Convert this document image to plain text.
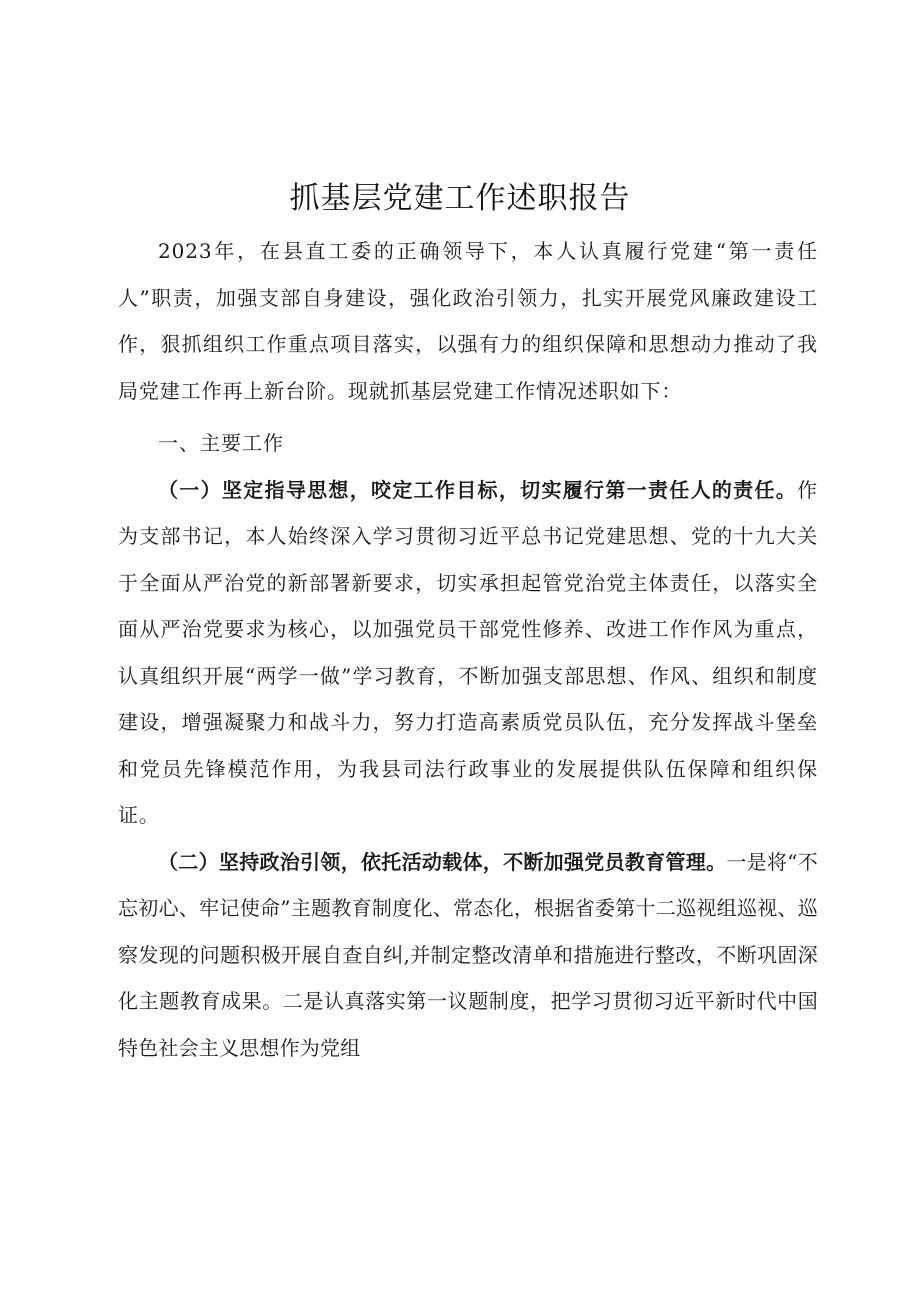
抓基层党建工作述职报告

2023年，在县直工委的正确领导下，本人认真履行党建“第一责任人”职责，加强支部自身建设，强化政治引领力，扎实开展党风廉政建设工作，狠抓组织工作重点项目落实，以强有力的组织保障和思想动力推动了我局党建工作再上新台阶。现就抓基层党建工作情况述职如下：

一、主要工作

（一）坚定指导思想，咬定工作目标，切实履行第一责任人的责任。作为支部书记，本人始终深入学习贯彻习近平总书记党建思想、党的十九大关于全面从严治党的新部署新要求，切实承担起管党治党主体责任，以落实全面从严治党要求为核心，以加强党员干部党性修养、改进工作作风为重点，认真组织开展“两学一做”学习教育，不断加强支部思想、作风、组织和制度建设，增强凝聚力和战斗力，努力打造高素质党员队伍，充分发挥战斗堡垒和党员先锋模范作用，为我县司法行政事业的发展提供队伍保障和组织保证。

（二）坚持政治引领，依托活动载体，不断加强党员教育管理。一是将“不忘初心、牢记使命”主题教育制度化、常态化，根据省委第十二巡视组巡视、巡察发现的问题积极开展自查自纠,并制定整改清单和措施进行整改，不断巩固深化主题教育成果。二是认真落实第一议题制度，把学习贯彻习近平新时代中国特色社会主义思想作为党组
